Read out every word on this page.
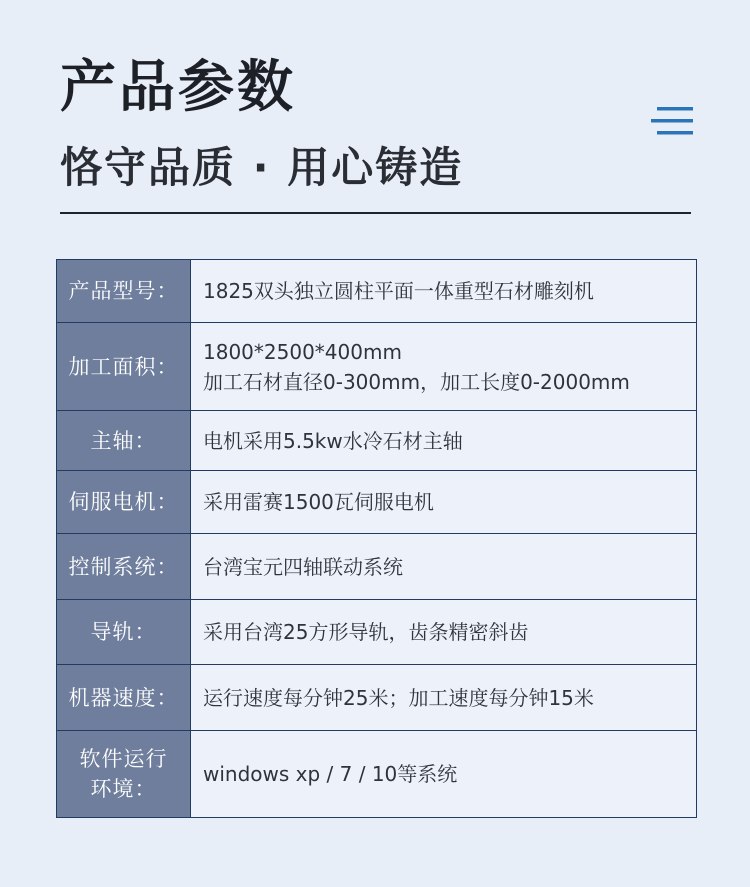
产品参数
恪守品质 · 用心铸造
产品型号：	1825双头独立圆柱平面一体重型石材雕刻机

加工面积：	1800*2500*400mm
加工石材直径0-300mm，加工长度0-2000mm

主轴：	电机采用5.5kw水冷石材主轴

伺服电机：	采用雷赛1500瓦伺服电机

控制系统：	台湾宝元四轴联动系统

导轨：	采用台湾25方形导轨，齿条精密斜齿

机器速度：	运行速度每分钟25米；加工速度每分钟15米

软件运行
环境：	windows xp / 7 / 10等系统
